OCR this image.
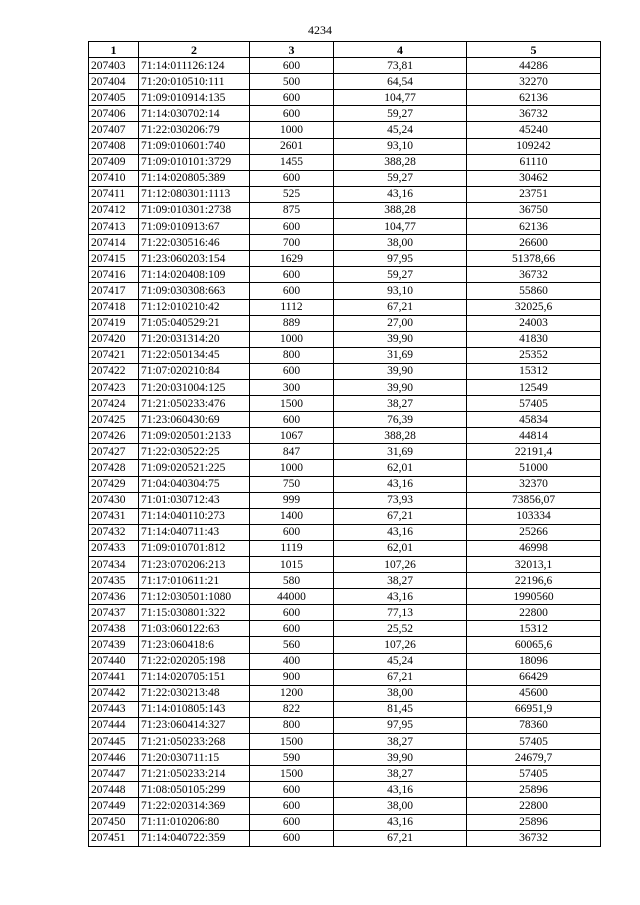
4234
1	2	3	4	5
207403	71:14:011126:124	600	73,81	44286
207404	71:20:010510:111	500	64,54	32270
207405	71:09:010914:135	600	104,77	62136
207406	71:14:030702:14	600	59,27	36732
207407	71:22:030206:79	1000	45,24	45240
207408	71:09:010601:740	2601	93,10	109242
207409	71:09:010101:3729	1455	388,28	61110
207410	71:14:020805:389	600	59,27	30462
207411	71:12:080301:1113	525	43,16	23751
207412	71:09:010301:2738	875	388,28	36750
207413	71:09:010913:67	600	104,77	62136
207414	71:22:030516:46	700	38,00	26600
207415	71:23:060203:154	1629	97,95	51378,66
207416	71:14:020408:109	600	59,27	36732
207417	71:09:030308:663	600	93,10	55860
207418	71:12:010210:42	1112	67,21	32025,6
207419	71:05:040529:21	889	27,00	24003
207420	71:20:031314:20	1000	39,90	41830
207421	71:22:050134:45	800	31,69	25352
207422	71:07:020210:84	600	39,90	15312
207423	71:20:031004:125	300	39,90	12549
207424	71:21:050233:476	1500	38,27	57405
207425	71:23:060430:69	600	76,39	45834
207426	71:09:020501:2133	1067	388,28	44814
207427	71:22:030522:25	847	31,69	22191,4
207428	71:09:020521:225	1000	62,01	51000
207429	71:04:040304:75	750	43,16	32370
207430	71:01:030712:43	999	73,93	73856,07
207431	71:14:040110:273	1400	67,21	103334
207432	71:14:040711:43	600	43,16	25266
207433	71:09:010701:812	1119	62,01	46998
207434	71:23:070206:213	1015	107,26	32013,1
207435	71:17:010611:21	580	38,27	22196,6
207436	71:12:030501:1080	44000	43,16	1990560
207437	71:15:030801:322	600	77,13	22800
207438	71:03:060122:63	600	25,52	15312
207439	71:23:060418:6	560	107,26	60065,6
207440	71:22:020205:198	400	45,24	18096
207441	71:14:020705:151	900	67,21	66429
207442	71:22:030213:48	1200	38,00	45600
207443	71:14:010805:143	822	81,45	66951,9
207444	71:23:060414:327	800	97,95	78360
207445	71:21:050233:268	1500	38,27	57405
207446	71:20:030711:15	590	39,90	24679,7
207447	71:21:050233:214	1500	38,27	57405
207448	71:08:050105:299	600	43,16	25896
207449	71:22:020314:369	600	38,00	22800
207450	71:11:010206:80	600	43,16	25896
207451	71:14:040722:359	600	67,21	36732
